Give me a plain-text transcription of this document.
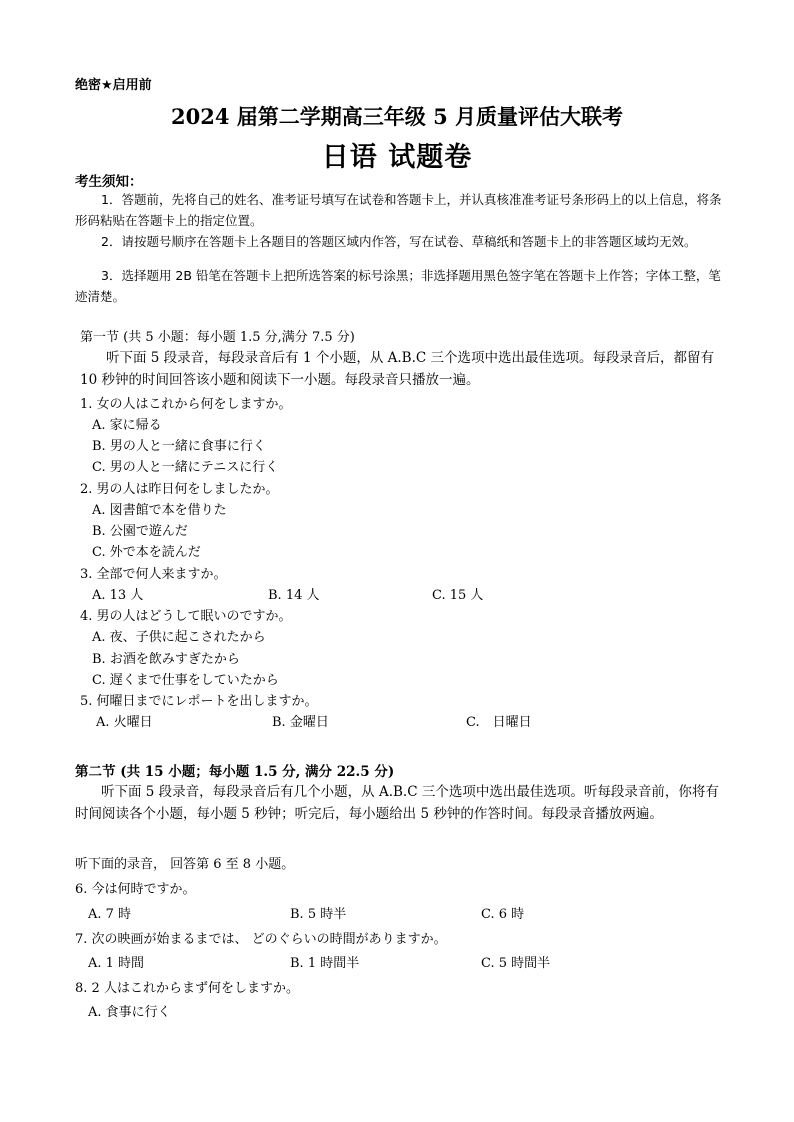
绝密★启用前
2024 届第二学期高三年级 5 月质量评估大联考
日语 试题卷
考生须知：
1．答题前，先将自己的姓名、准考证号填写在试卷和答题卡上，并认真核准准考证号条形码上的以上信息，将条形码粘贴在答题卡上的指定位置。
2．请按题号顺序在答题卡上各题目的答题区域内作答，写在试卷、草稿纸和答题卡上的非答题区域均无效。
3．选择题用 2B 铅笔在答题卡上把所选答案的标号涂黑；非选择题用黑色签字笔在答题卡上作答；字体工整，笔迹清楚。
第一节 (共 5 小题：每小题 1.5 分,满分 7.5 分)
听下面 5 段录音，每段录音后有 1 个小题，从 A.B.C 三个选项中选出最佳选项。每段录音后，都留有 10 秒钟的时间回答该小题和阅读下一小题。每段录音只播放一遍。
1. 女の人はこれから何をしますか。
A. 家に帰る
B. 男の人と一緒に食事に行く
C. 男の人と一緒にテニスに行く
2. 男の人は昨日何をしましたか。
A. 図書館で本を借りた
B. 公園で遊んだ
C. 外で本を読んだ
3. 全部で何人来ますか。
A. 13 人	B. 14 人	C. 15 人
4. 男の人はどうして眠いのですか。
A. 夜、子供に起こされたから
B. お酒を飲みすぎたから
C. 遅くまで仕事をしていたから
5. 何曜日までにレポートを出しますか。
A. 火曜日	B. 金曜日	C.　日曜日
第二节 (共 15 小题；每小题 1.5 分, 满分 22.5 分)
听下面 5 段录音，每段录音后有几个小题，从 A.B.C 三个选项中选出最佳选项。听每段录音前，你将有时间阅读各个小题，每小题 5 秒钟；听完后，每小题给出 5 秒钟的作答时间。每段录音播放两遍。
听下面的录音， 回答第 6 至 8 小题。
6. 今は何時ですか。
A. 7 時	B. 5 時半	C. 6 時
7. 次の映画が始まるまでは、 どのぐらいの時間がありますか。
A. 1 時間	B. 1 時間半	C. 5 時間半
8. 2 人はこれからまず何をしますか。
A. 食事に行く
